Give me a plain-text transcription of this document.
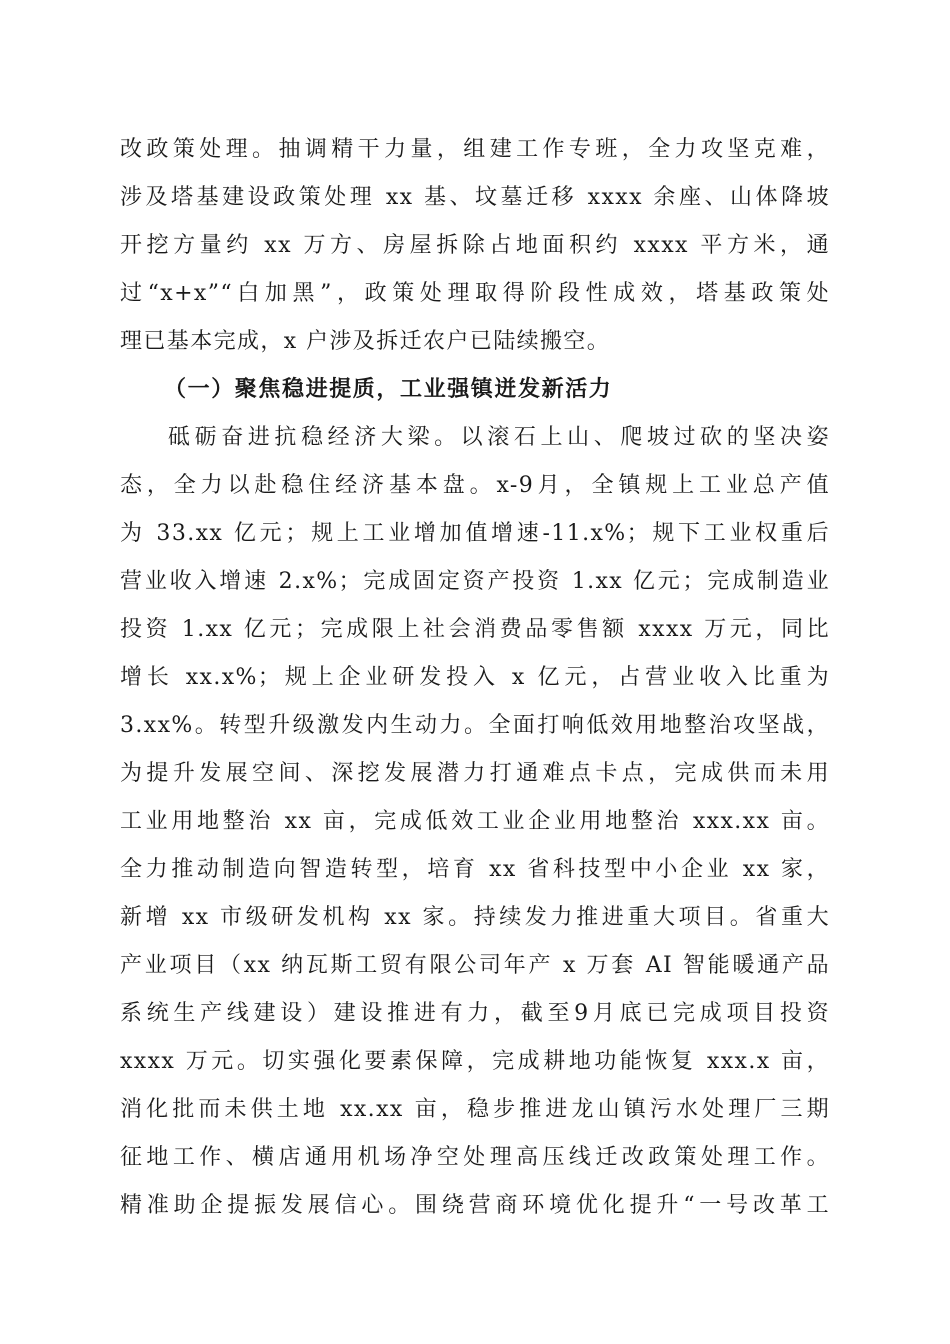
改政策处理。抽调精干力量，组建工作专班，全力攻坚克难，
涉及塔基建设政策处理 xx 基、坟墓迁移 xxxx 余座、山体降坡
开挖方量约 xx 万方、房屋拆除占地面积约 xxxx 平方米，通
过“x+x”“白加黑”，政策处理取得阶段性成效，塔基政策处
理已基本完成，x 户涉及拆迁农户已陆续搬空。
（一）聚焦稳进提质，工业强镇迸发新活力
砥砺奋进抗稳经济大梁。以滚石上山、爬坡过砍的坚决姿
态，全力以赴稳住经济基本盘。x-9月，全镇规上工业总产值
为 33.xx 亿元；规上工业增加值增速-11.x%；规下工业权重后
营业收入增速 2.x%；完成固定资产投资 1.xx 亿元；完成制造业
投资 1.xx 亿元；完成限上社会消费品零售额 xxxx 万元，同比
增长 xx.x%；规上企业研发投入 x 亿元，占营业收入比重为
3.xx%。转型升级激发内生动力。全面打响低效用地整治攻坚战，
为提升发展空间、深挖发展潜力打通难点卡点，完成供而未用
工业用地整治 xx 亩，完成低效工业企业用地整治 xxx.xx 亩。
全力推动制造向智造转型，培育 xx 省科技型中小企业 xx 家，
新增 xx 市级研发机构 xx 家。持续发力推进重大项目。省重大
产业项目（xx 纳瓦斯工贸有限公司年产 x 万套 AI 智能暖通产品
系统生产线建设）建设推进有力，截至9月底已完成项目投资
xxxx 万元。切实强化要素保障，完成耕地功能恢复 xxx.x 亩，
消化批而未供土地 xx.xx 亩，稳步推进龙山镇污水处理厂三期
征地工作、横店通用机场净空处理高压线迁改政策处理工作。
精准助企提振发展信心。围绕营商环境优化提升“一号改革工
